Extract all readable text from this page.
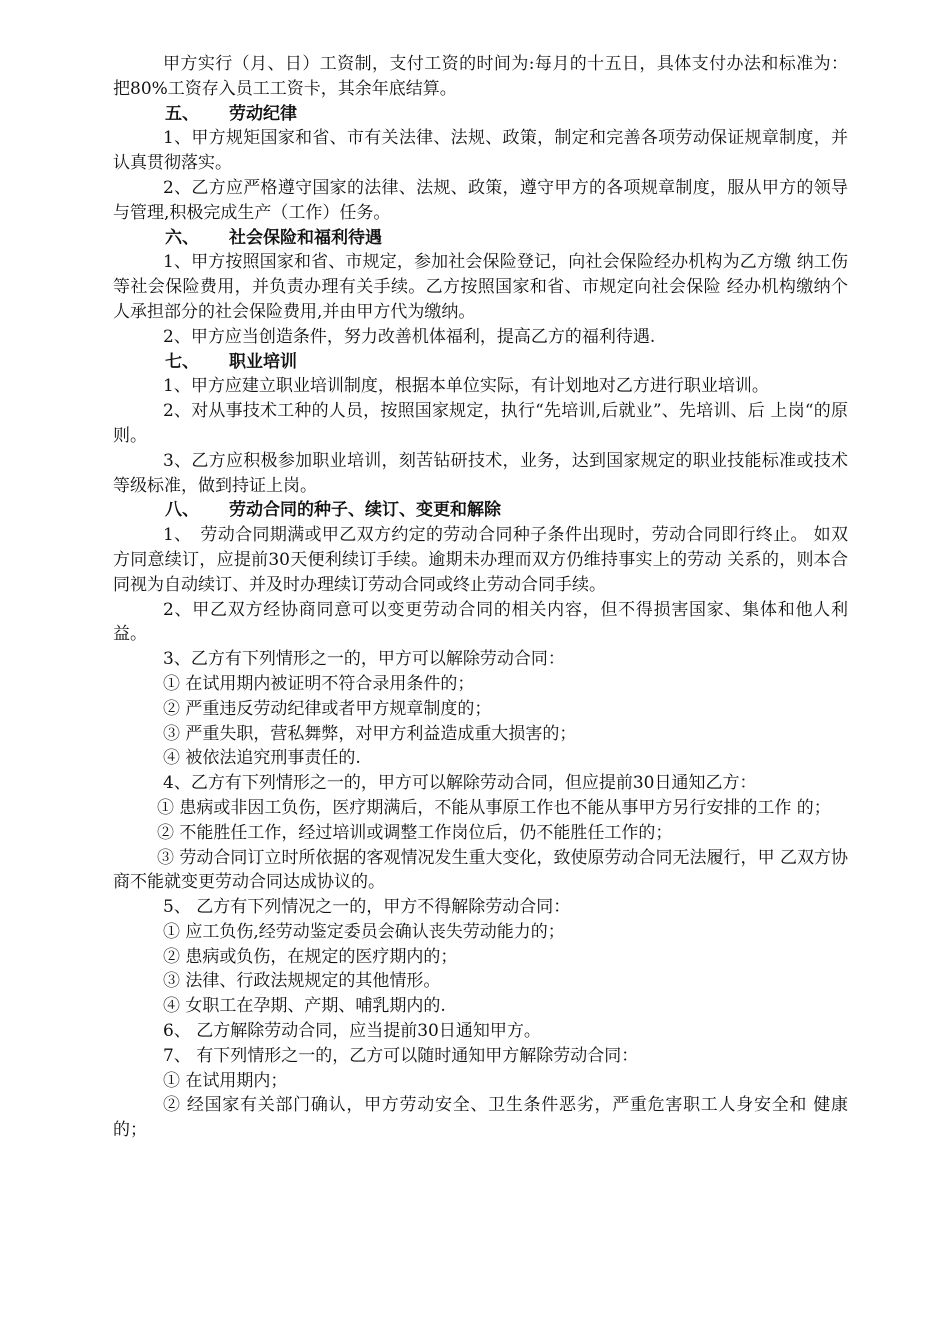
甲方实行（月、日）工资制，支付工资的时间为:每月的十五日，具体支付办法和标准为：把80%工资存入员工工资卡，其余年底结算。

五、 劳动纪律

1、甲方规矩国家和省、市有关法律、法规、政策，制定和完善各项劳动保证规章制度，并认真贯彻落实。

2、乙方应严格遵守国家的法律、法规、政策，遵守甲方的各项规章制度，服从甲方的领导与管理,积极完成生产（工作）任务。

六、 社会保险和福利待遇

1、甲方按照国家和省、市规定，参加社会保险登记，向社会保险经办机构为乙方缴 纳工伤等社会保险费用，并负责办理有关手续。乙方按照国家和省、市规定向社会保险 经办机构缴纳个人承担部分的社会保险费用,并由甲方代为缴纳。

2、甲方应当创造条件，努力改善机体福利，提高乙方的福利待遇.

七、 职业培训

1、甲方应建立职业培训制度，根据本单位实际，有计划地对乙方进行职业培训。

2、对从事技术工种的人员，按照国家规定，执行“先培训,后就业”、先培训、后 上岗“的原则。

3、乙方应积极参加职业培训，刻苦钻研技术，业务，达到国家规定的职业技能标准或技术等级标准，做到持证上岗。

八、 劳动合同的种子、续订、变更和解除

1、　劳动合同期满或甲乙双方约定的劳动合同种子条件出现时，劳动合同即行终止。 如双方同意续订，应提前30天便利续订手续。逾期未办理而双方仍维持事实上的劳动 关系的，则本合同视为自动续订、并及时办理续订劳动合同或终止劳动合同手续。

2、甲乙双方经协商同意可以变更劳动合同的相关内容，但不得损害国家、集体和他人利益。

3、乙方有下列情形之一的，甲方可以解除劳动合同：

① 在试用期内被证明不符合录用条件的；

② 严重违反劳动纪律或者甲方规章制度的；

③ 严重失职，营私舞弊，对甲方利益造成重大损害的；

④ 被依法追究刑事责任的.

4、乙方有下列情形之一的，甲方可以解除劳动合同，但应提前30日通知乙方：

① 患病或非因工负伤，医疗期满后，不能从事原工作也不能从事甲方另行安排的工作 的；

② 不能胜任工作，经过培训或调整工作岗位后，仍不能胜任工作的；

③ 劳动合同订立时所依据的客观情况发生重大变化，致使原劳动合同无法履行，甲 乙双方协商不能就变更劳动合同达成协议的。

5、 乙方有下列情况之一的，甲方不得解除劳动合同：

① 应工负伤,经劳动鉴定委员会确认丧失劳动能力的；

② 患病或负伤，在规定的医疗期内的；

③ 法律、行政法规规定的其他情形。

④ 女职工在孕期、产期、哺乳期内的.

6、 乙方解除劳动合同，应当提前30日通知甲方。

7、 有下列情形之一的，乙方可以随时通知甲方解除劳动合同：

① 在试用期内；

② 经国家有关部门确认，甲方劳动安全、卫生条件恶劣，严重危害职工人身安全和 健康的；
